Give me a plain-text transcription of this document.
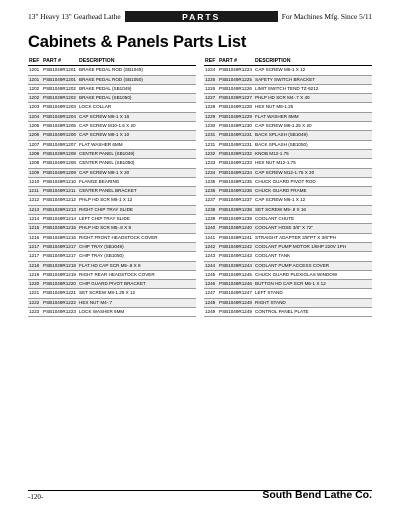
13" Heavy 13" Gearhead Lathe	PARTS	For Machines Mfg. Since 5/11
Cabinets & Panels Parts List
REF PART #	DESCRIPTION
1201 PSB1049R1201 BRAKE PEDAL ROD (SB1049)
1201 PSB1049R1201 BRAKE PEDAL ROD (SB1050)
1202 PSB1049R1202 BRAKE PEDAL (SB1049)
1202 PSB1049R1202 BRAKE PEDAL (SB1050)
1203 PSB1049R1203 LOCK COLLAR
1204 PSB1049R1204 CAP SCREW M6-1 X 16
1205 PSB1049R1205 CAP SCREW M10-1.5 X 20
1206 PSB1049R1206 CAP SCREW M8-1 X 10
1207 PSB1049R1207 FLAT WASHER 6MM
1208 PSB1049R1208 CENTER PANEL (SB1049)
1208 PSB1049R1208 CENTER PANEL (SB1050)
1209 PSB1049R1209 CAP SCREW M8-1 X 20
1210 PSB1049R1210 FLANGE BEARING
1211 PSB1049R1211 CENTER PANEL BRACKET
1212 PSB1049R1212 PHLP HD SCR M6-1 X 12
1213 PSB1049R1213 RIGHT CHIP TRAY SLIDE
1214 PSB1049R1214 LEFT CHIP TRAY SLIDE
1215 PSB1049R1215 PHLP HD SCR M5-.8 X 8
1216 PSB1049R1216 RIGHT FRONT HEADSTOCK COVER
1217 PSB1049R1217 CHIP TRAY (SB1049)
1217 PSB1049R1217 CHIP TRAY (SB1050)
1218 PSB1049R1218 FLAT HD CAP SCR M5-.8 X 8
1219 PSB1049R1219 RIGHT REAR HEADSTOCK COVER
1220 PSB1049R1220 CHIP GUARD PIVOT BRACKET
1221 PSB1049R1221 SET SCREW M8-1.25 X 12
1222 PSB1049R1222 HEX NUT M4-.7
1223 PSB1049R1223 LOCK WASHER 6MM
REF PART #	DESCRIPTION
1224 PSB1049R1224 CAP SCREW M6-1 X 12
1225 PSB1049R1225 SAFETY SWITCH BRACKET
1226 PSB1049R1226 LIMIT SWITCH TEND TZ-9212
1227 PSB1049R1227 PHLP HD SCR M4-.7 X 40
1228 PSB1049R1228 HEX NUT M8-1.25
1229 PSB1049R1229 FLAT WASHER 8MM
1230 PSB1049R1230 CAP SCREW M8-1.25 X 20
1231 PSB1049R1231 BACK SPLASH (SB1049)
1231 PSB1049R1231 BACK SPLASH (SB1050)
1232 PSB1049R1232 KNOB M12-1.75
1233 PSB1049R1233 HEX NUT M12-1.75
1234 PSB1049R1234 CAP SCREW M12-1.75 X 20
1235 PSB1049R1235 CHUCK GUARD PIVOT ROD
1236 PSB1049R1236 CHUCK GUARD FRAME
1237 PSB1049R1237 CAP SCREW M6-1 X 12
1238 PSB1049R1238 SET SCREW M5-.8 X 16
1239 PSB1049R1239 COOLANT CHUTE
1240 PSB1049R1240 COOLANT HOSE 3/8" X 72"
1241 PSB1049R1241 STRAIGHT ADAPTER 3/8"PT X 3/8"PH
1242 PSB1049R1242 COOLANT PUMP MOTOR 1/8HP 220V 1PH
1243 PSB1049R1243 COOLANT TANK
1244 PSB1049R1244 COOLANT PUMP ACCESS COVER
1245 PSB1049R1245 CHUCK GUARD PLEXIGLAS WINDOW
1246 PSB1049R1246 BUTTON HD CAP SCR M6-1 X 12
1247 PSB1049R1247 LEFT STAND
1248 PSB1049R1248 RIGHT STAND
1249 PSB1049R1249 CONTROL PANEL PLATE
-120-	South Bend Lathe Co.
